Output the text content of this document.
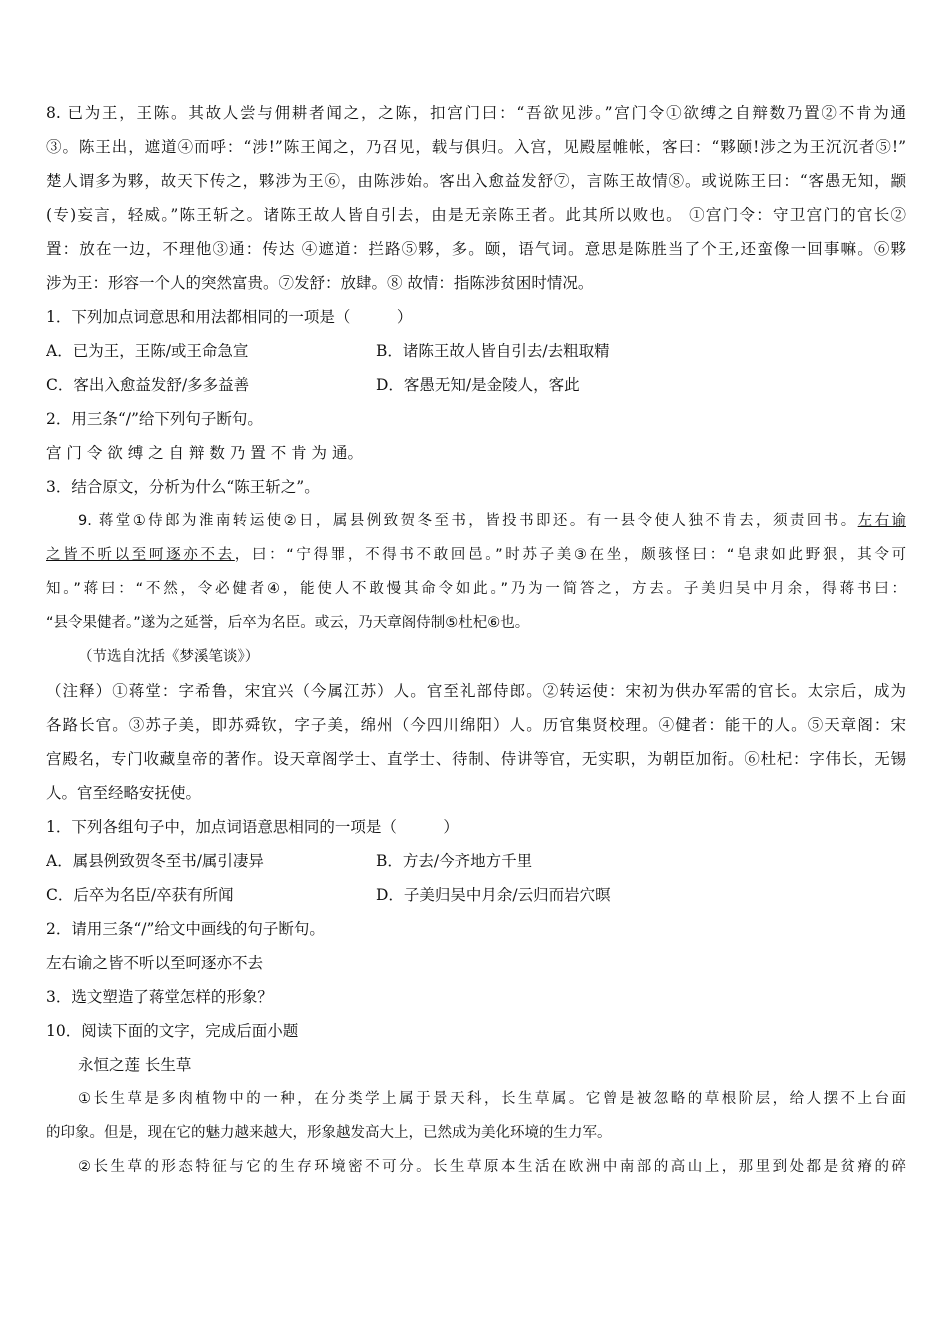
8. 已为王，王陈。其故人尝与佣耕者闻之，之陈，扣宫门曰：“吾欲见涉。”宫门令①欲缚之自辩数乃置②不肯为通
③。陈王出，遮道④而呼：“涉!”陈王闻之，乃召见，载与俱归。入宫，见殿屋帷帐，客曰：“夥颐!涉之为王沉沉者⑤!”
楚人谓多为夥，故天下传之，夥涉为王⑥，由陈涉始。客出入愈益发舒⑦，言陈王故情⑧。或说陈王曰：“客愚无知，颛
(专)妄言，轻威。”陈王斩之。诸陈王故人皆自引去，由是无亲陈王者。此其所以败也。 ①宫门令：守卫宫门的官长②
置：放在一边，不理他③通：传达 ④遮道：拦路⑤夥，多。颐，语气词。意思是陈胜当了个王,还蛮像一回事嘛。⑥夥
涉为王：形容一个人的突然富贵。⑦发舒：放肆。⑧ 故情：指陈涉贫困时情况。
1．下列加点词意思和用法都相同的一项是（　　　）
A．已为王，王陈/或王命急宣	B．诸陈王故人皆自引去/去粗取精
C．客出入愈益发舒/多多益善	D．客愚无知/是金陵人，客此
2．用三条“/”给下列句子断句。
宫 门 令 欲 缚 之 自 辩 数 乃 置 不 肯 为 通。
3．结合原文，分析为什么“陈王斩之”。
9. 蒋堂①侍郎为淮南转运使②日，属县例致贺冬至书，皆投书即还。有一县令使人独不肯去，须责回书。左右谕
之皆不听以至呵逐亦不去，曰：“宁得罪，不得书不敢回邑。”时苏子美③在坐，颇骇怪曰：“皂隶如此野狠，其令可
知。”蒋曰：“不然，令必健者④，能使人不敢慢其命令如此。”乃为一简答之，方去。子美归吴中月余，得蒋书曰：
“县令果健者。”遂为之延誉，后卒为名臣。或云，乃天章阁侍制⑤杜杞⑥也。
（节选自沈括《梦溪笔谈》）
（注释）①蒋堂：字希鲁，宋宜兴（今属江苏）人。官至礼部侍郎。②转运使：宋初为供办军需的官长。太宗后，成为
各路长官。③苏子美，即苏舜钦，字子美，绵州（今四川绵阳）人。历官集贤校理。④健者：能干的人。⑤天章阁：宋
宫殿名，专门收藏皇帝的著作。设天章阁学士、直学士、待制、侍讲等官，无实职，为朝臣加衔。⑥杜杞：字伟长，无锡
人。官至经略安抚使。
1．下列各组句子中，加点词语意思相同的一项是（　　　）
A．属县例致贺冬至书/属引凄异	B．方去/今齐地方千里
C．后卒为名臣/卒获有所闻	D．子美归吴中月余/云归而岩穴暝
2．请用三条“/”给文中画线的句子断句。
左右谕之皆不听以至呵逐亦不去
3．选文塑造了蒋堂怎样的形象？
10．阅读下面的文字，完成后面小题
永恒之莲 长生草
①长生草是多肉植物中的一种，在分类学上属于景天科，长生草属。它曾是被忽略的草根阶层，给人摆不上台面
的印象。但是，现在它的魅力越来越大，形象越发高大上，已然成为美化环境的生力军。
②长生草的形态特征与它的生存环境密不可分。长生草原本生活在欧洲中南部的高山上，那里到处都是贫瘠的碎
